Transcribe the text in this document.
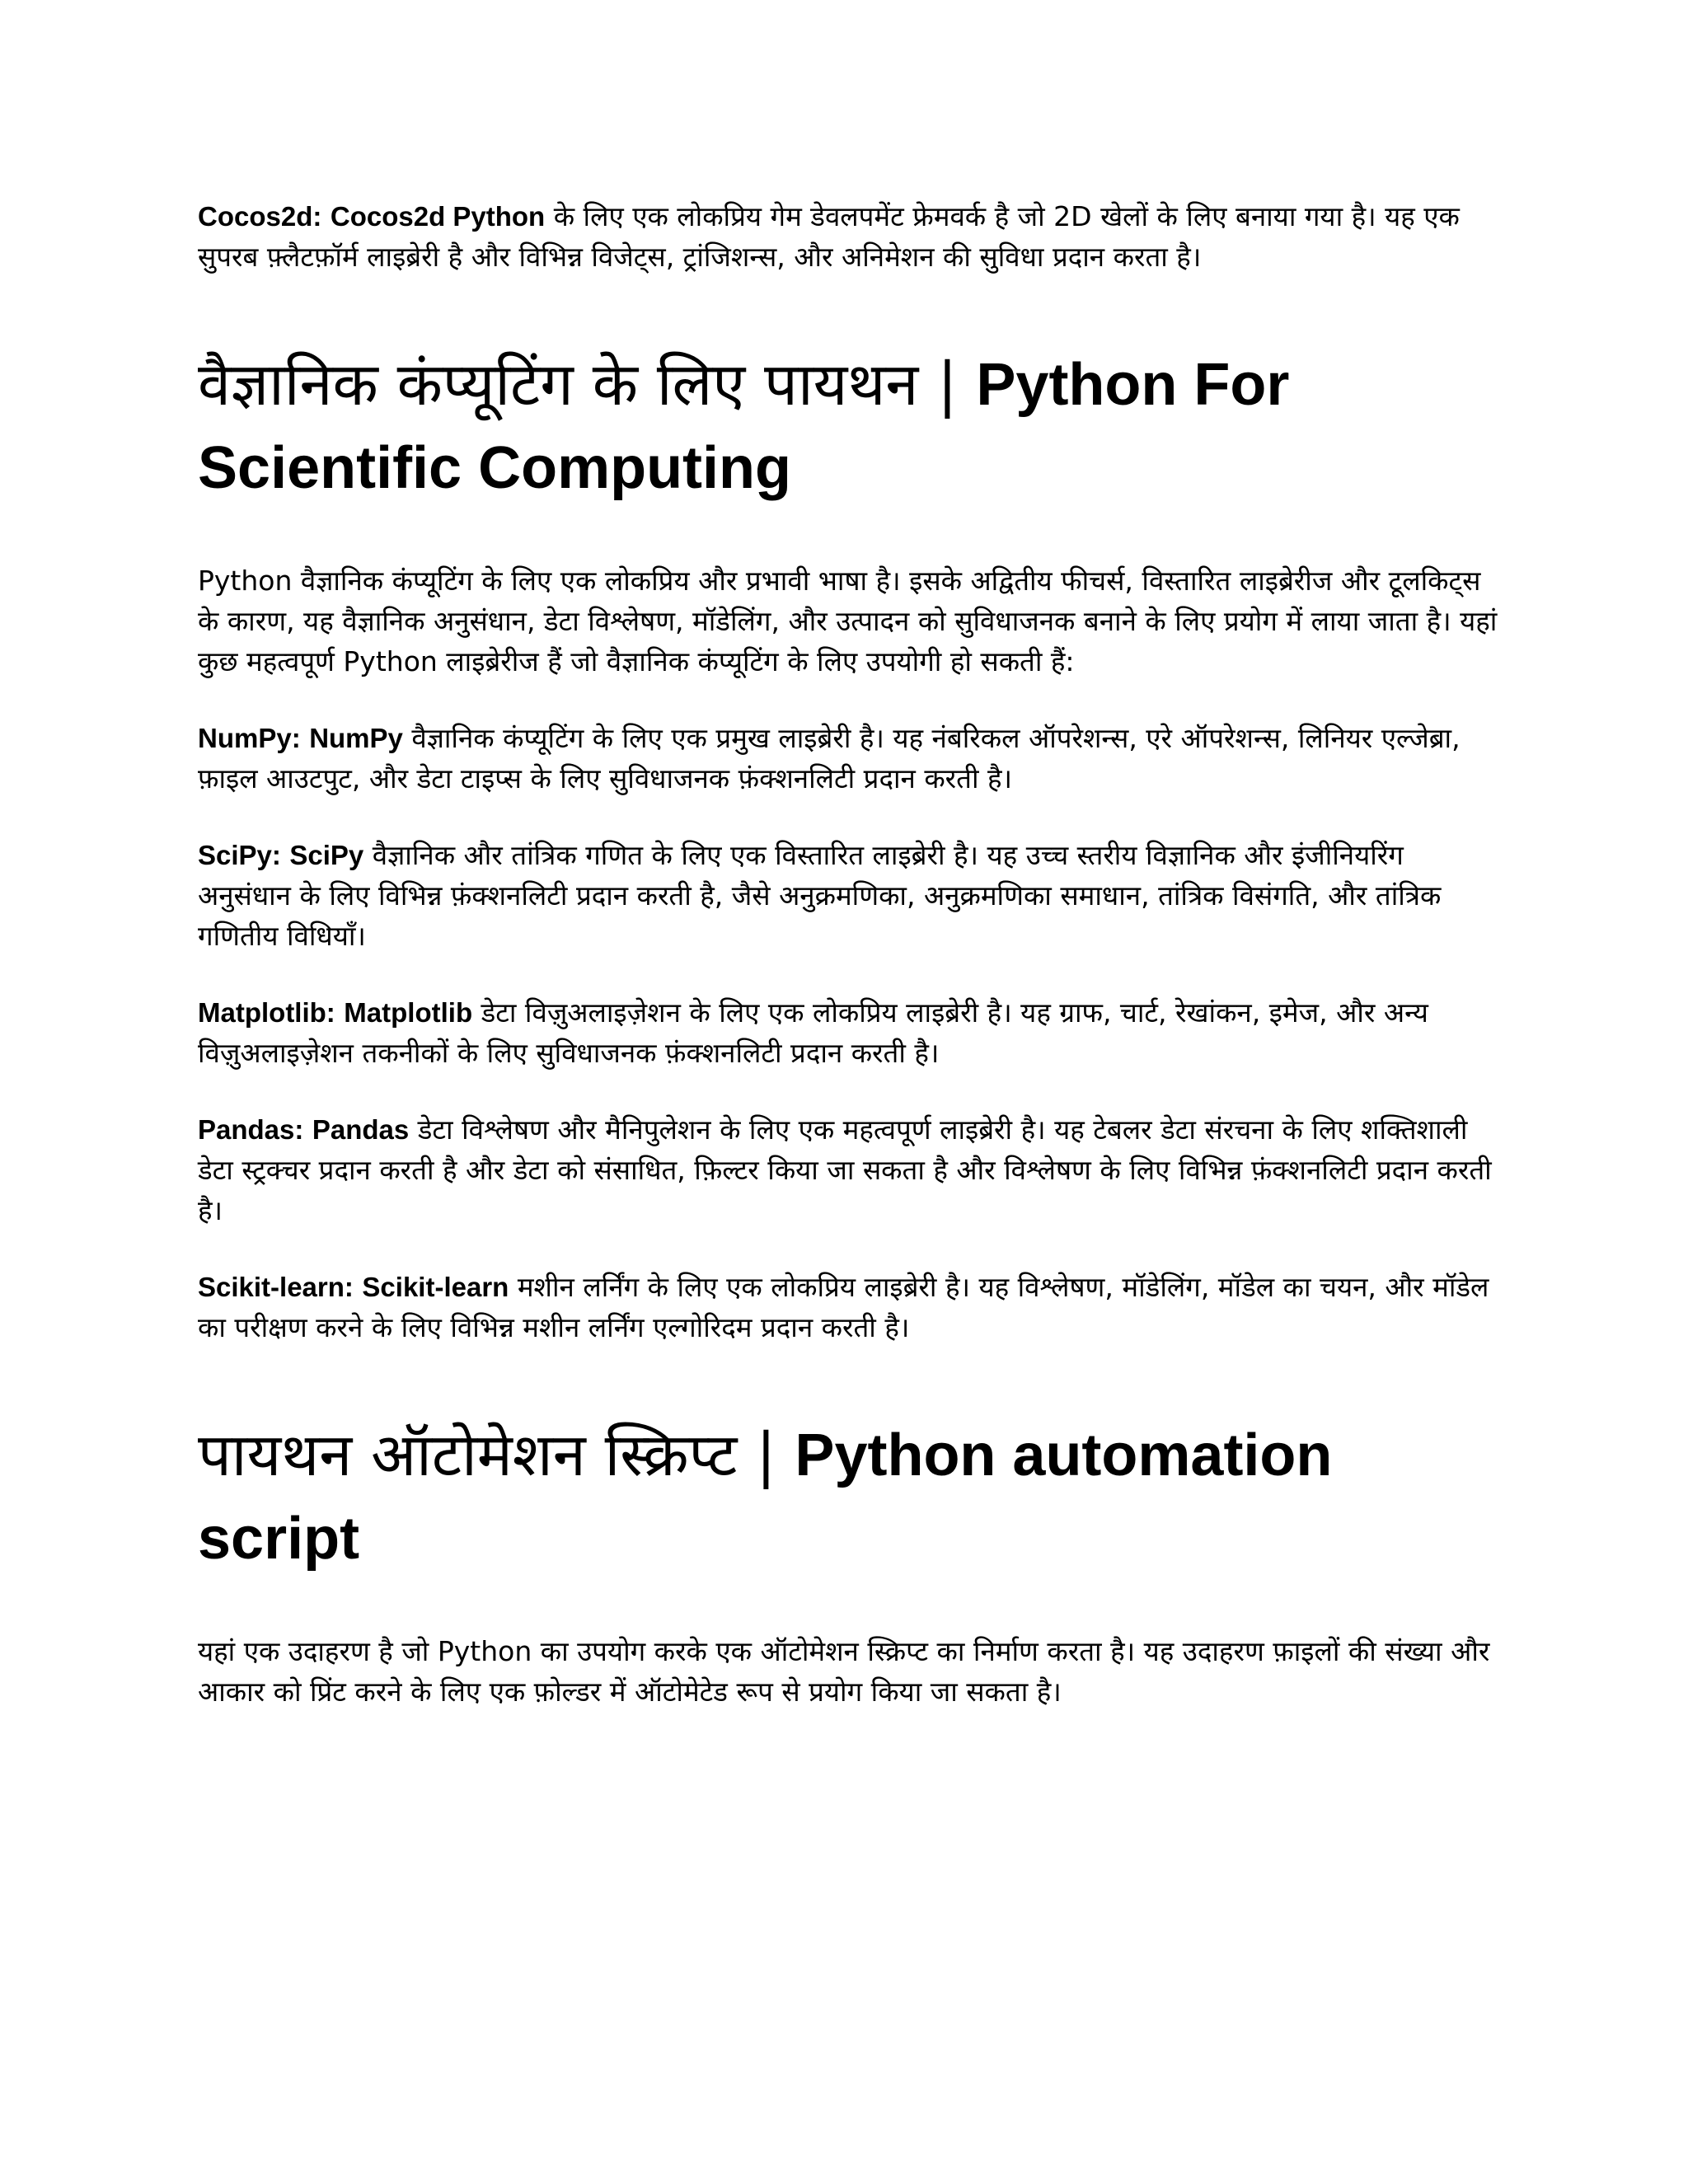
Cocos2d: Cocos2d Python के लिए एक लोकप्रिय गेम डेवलपमेंट फ्रेमवर्क है जो 2D खेलों के लिए बनाया गया है। यह एक सुपरब फ़्लैटफ़ॉर्म लाइब्रेरी है और विभिन्न विजेट्स, ट्रांजिशन्स, और अनिमेशन की सुविधा प्रदान करता है।

वैज्ञानिक कंप्यूटिंग के लिए पायथन | Python For Scientific Computing

Python वैज्ञानिक कंप्यूटिंग के लिए एक लोकप्रिय और प्रभावी भाषा है। इसके अद्वितीय फीचर्स, विस्तारित लाइब्रेरीज और टूलकिट्स के कारण, यह वैज्ञानिक अनुसंधान, डेटा विश्लेषण, मॉडेलिंग, और उत्पादन को सुविधाजनक बनाने के लिए प्रयोग में लाया जाता है। यहां कुछ महत्वपूर्ण Python लाइब्रेरीज हैं जो वैज्ञानिक कंप्यूटिंग के लिए उपयोगी हो सकती हैं:

NumPy: NumPy वैज्ञानिक कंप्यूटिंग के लिए एक प्रमुख लाइब्रेरी है। यह नंबरिकल ऑपरेशन्स, एरे ऑपरेशन्स, लिनियर एल्जेब्रा, फ़ाइल आउटपुट, और डेटा टाइप्स के लिए सुविधाजनक फ़ंक्शनलिटी प्रदान करती है।

SciPy: SciPy वैज्ञानिक और तांत्रिक गणित के लिए एक विस्तारित लाइब्रेरी है। यह उच्च स्तरीय विज्ञानिक और इंजीनियरिंग अनुसंधान के लिए विभिन्न फ़ंक्शनलिटी प्रदान करती है, जैसे अनुक्रमणिका, अनुक्रमणिका समाधान, तांत्रिक विसंगति, और तांत्रिक गणितीय विधियाँ।

Matplotlib: Matplotlib डेटा विज़ुअलाइज़ेशन के लिए एक लोकप्रिय लाइब्रेरी है। यह ग्राफ, चार्ट, रेखांकन, इमेज, और अन्य विज़ुअलाइज़ेशन तकनीकों के लिए सुविधाजनक फ़ंक्शनलिटी प्रदान करती है।

Pandas: Pandas डेटा विश्लेषण और मैनिपुलेशन के लिए एक महत्वपूर्ण लाइब्रेरी है। यह टेबलर डेटा संरचना के लिए शक्तिशाली डेटा स्ट्रक्चर प्रदान करती है और डेटा को संसाधित, फ़िल्टर किया जा सकता है और विश्लेषण के लिए विभिन्न फ़ंक्शनलिटी प्रदान करती है।

Scikit-learn: Scikit-learn मशीन लर्निंग के लिए एक लोकप्रिय लाइब्रेरी है। यह विश्लेषण, मॉडेलिंग, मॉडेल का चयन, और मॉडेल का परीक्षण करने के लिए विभिन्न मशीन लर्निंग एल्गोरिदम प्रदान करती है।

पायथन ऑटोमेशन स्क्रिप्ट | Python automation script

यहां एक उदाहरण है जो Python का उपयोग करके एक ऑटोमेशन स्क्रिप्ट का निर्माण करता है। यह उदाहरण फ़ाइलों की संख्या और आकार को प्रिंट करने के लिए एक फ़ोल्डर में ऑटोमेटेड रूप से प्रयोग किया जा सकता है।
